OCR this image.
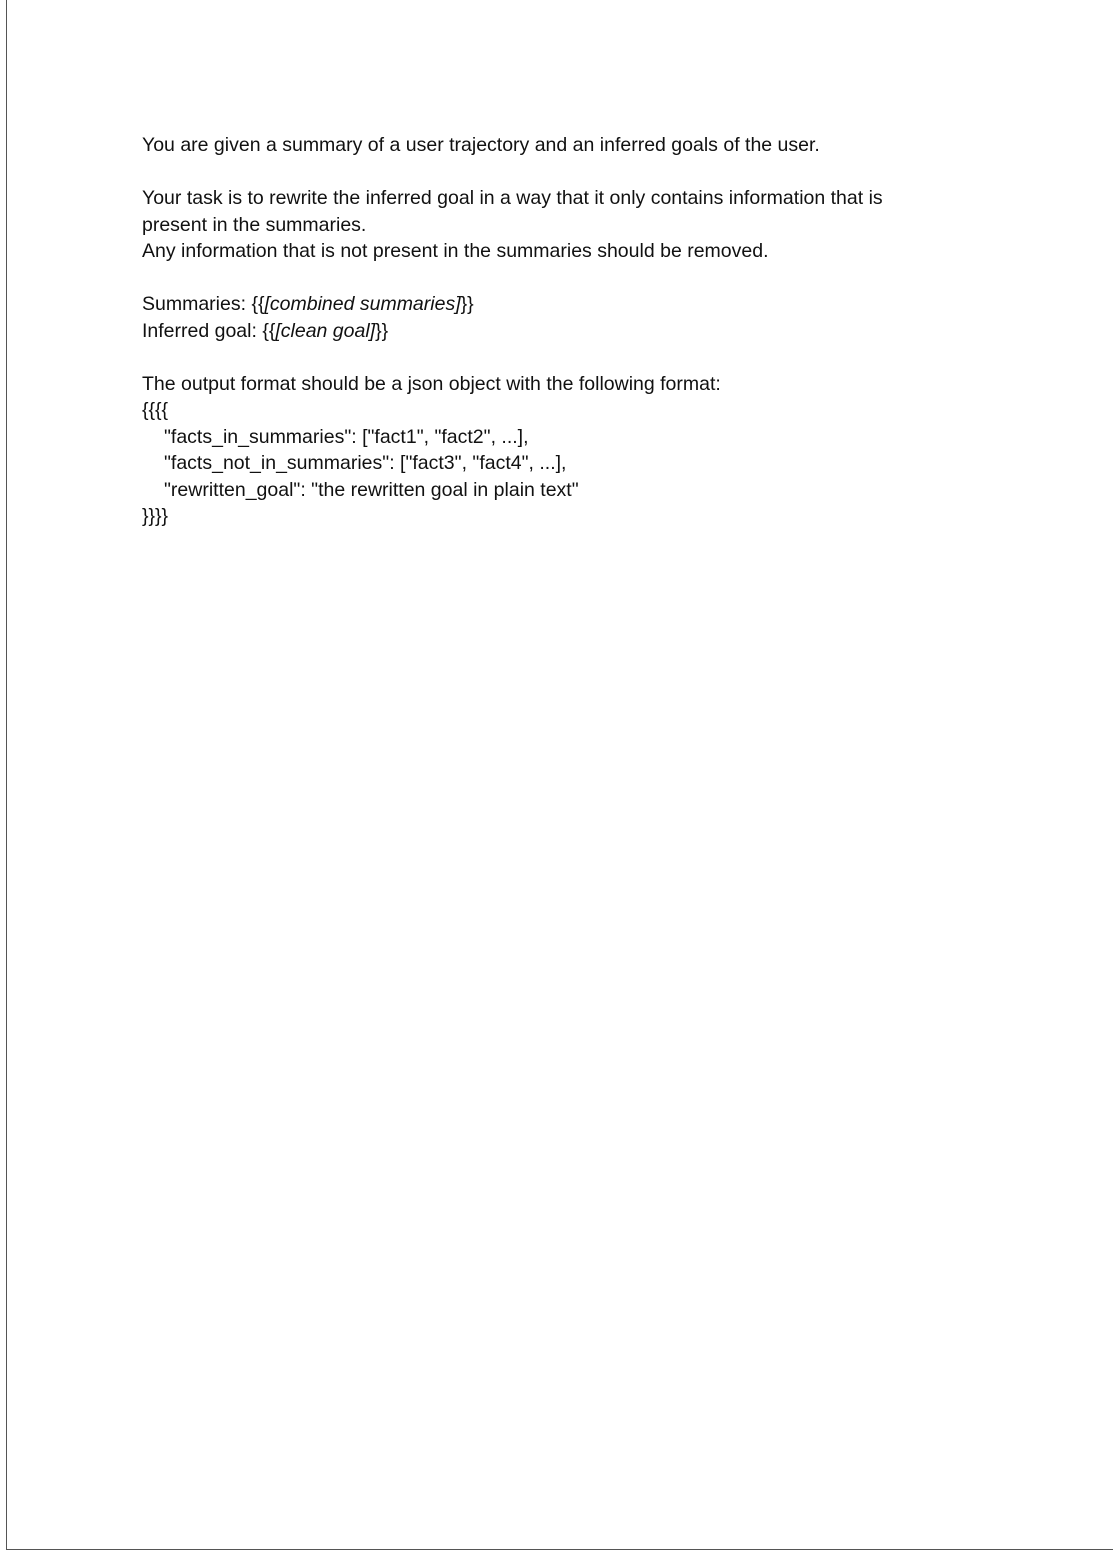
You are given a summary of a user trajectory and an inferred goals of the user.

Your task is to rewrite the inferred goal in a way that it only contains information that is

present in the summaries.

Any information that is not present in the summaries should be removed.

Summaries: {{[combined summaries]}}

Inferred goal: {{[clean goal]}}

The output format should be a json object with the following format:

{{{{

"facts_in_summaries": ["fact1", "fact2", ...],

"facts_not_in_summaries": ["fact3", "fact4", ...],

"rewritten_goal": "the rewritten goal in plain text"

}}}}
